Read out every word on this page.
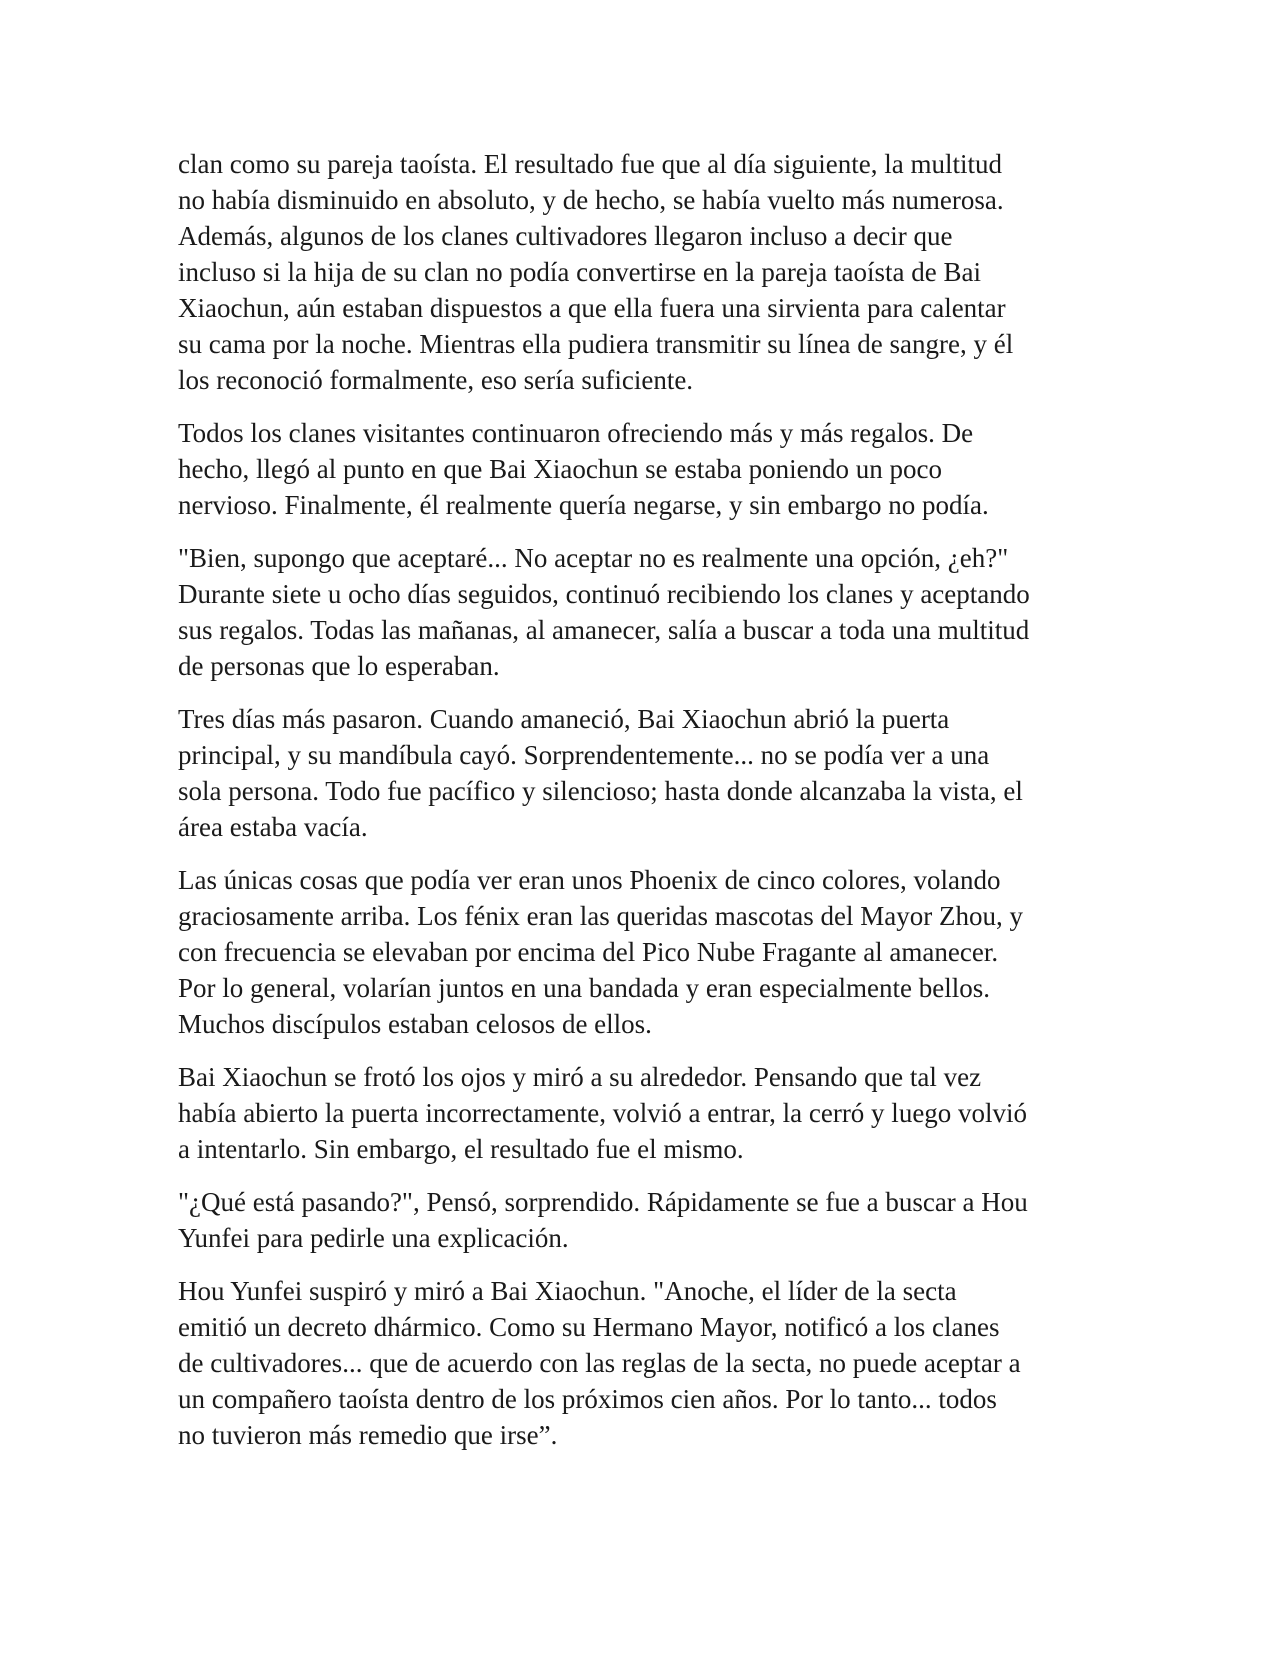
clan como su pareja taoísta. El resultado fue que al día siguiente, la multitud
no había disminuido en absoluto, y de hecho, se había vuelto más numerosa.
Además, algunos de los clanes cultivadores llegaron incluso a decir que
incluso si la hija de su clan no podía convertirse en la pareja taoísta de Bai
Xiaochun, aún estaban dispuestos a que ella fuera una sirvienta para calentar
su cama por la noche. Mientras ella pudiera transmitir su línea de sangre, y él
los reconoció formalmente, eso sería suficiente.

Todos los clanes visitantes continuaron ofreciendo más y más regalos. De
hecho, llegó al punto en que Bai Xiaochun se estaba poniendo un poco
nervioso. Finalmente, él realmente quería negarse, y sin embargo no podía.

"Bien, supongo que aceptaré... No aceptar no es realmente una opción, ¿eh?"
Durante siete u ocho días seguidos, continuó recibiendo los clanes y aceptando
sus regalos. Todas las mañanas, al amanecer, salía a buscar a toda una multitud
de personas que lo esperaban.

Tres días más pasaron. Cuando amaneció, Bai Xiaochun abrió la puerta
principal, y su mandíbula cayó. Sorprendentemente... no se podía ver a una
sola persona. Todo fue pacífico y silencioso; hasta donde alcanzaba la vista, el
área estaba vacía.

Las únicas cosas que podía ver eran unos Phoenix de cinco colores, volando
graciosamente arriba. Los fénix eran las queridas mascotas del Mayor Zhou, y
con frecuencia se elevaban por encima del Pico Nube Fragante al amanecer.
Por lo general, volarían juntos en una bandada y eran especialmente bellos.
Muchos discípulos estaban celosos de ellos.

Bai Xiaochun se frotó los ojos y miró a su alrededor. Pensando que tal vez
había abierto la puerta incorrectamente, volvió a entrar, la cerró y luego volvió
a intentarlo. Sin embargo, el resultado fue el mismo.

"¿Qué está pasando?", Pensó, sorprendido. Rápidamente se fue a buscar a Hou
Yunfei para pedirle una explicación.

Hou Yunfei suspiró y miró a Bai Xiaochun. "Anoche, el líder de la secta
emitió un decreto dhármico. Como su Hermano Mayor, notificó a los clanes
de cultivadores... que de acuerdo con las reglas de la secta, no puede aceptar a
un compañero taoísta dentro de los próximos cien años. Por lo tanto... todos
no tuvieron más remedio que irse”.
